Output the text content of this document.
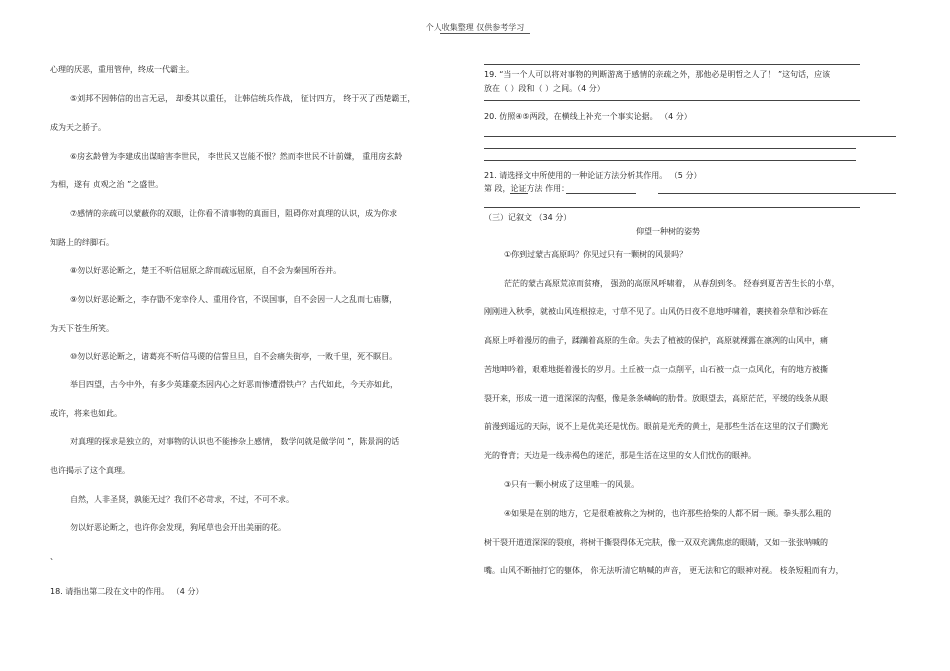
个人收集整理 仅供参考学习
心理的厌恶，重用管仲，终成一代霸主。
⑤刘邦不因韩信的出言无忌， 却委其以重任， 让韩信统兵作战， 征讨四方， 终于灭了西楚霸王，
成为天之骄子。
⑥房玄龄曾为李建成出谋暗害李世民， 李世民又岂能不恨？然而李世民不计前嫌， 重用房玄龄
为相，遂有 贞观之治 ”之盛世。
⑦感情的亲疏可以蒙蔽你的双眼，让你看不清事物的真面目，阻碍你对真理的认识，成为你求
知路上的绊脚石。
⑧勿以好恶论断之，楚王不听信屈原之辞而疏远屈原，自不会为秦国所吞并。
⑨勿以好恶论断之，李存勖不宠幸伶人、重用伶官，不误国事，自不会因一人之乱而七庙隳，
为天下苍生所笑。
⑩勿以好恶论断之，诸葛亮不听信马谡的信誓旦旦，自不会痛失街亭，一败千里，死不瞑目。
举目四望，古今中外，有多少英雄豪杰因内心之好恶而惨遭滑铁卢？古代如此，今天亦如此，
或许，将来也如此。
对真理的探求是独立的，对事物的认识也不能掺杂上感情， 数学问就是做学问 ”，陈景润的话
也许揭示了这个真理。
自然，人非圣贤，孰能无过？我们不必苛求，不过，不可不求。
勿以好恶论断之，也许你会发现，狗尾草也会开出美丽的花。
、
18. 请指出第二段在文中的作用。 （4 分）
19. “当一个人可以将对事物的判断游离于感情的亲疏之外，那他必是明哲之人了！ ”这句话，应该
放在（ ）段和（ ）之间。（4 分）
20. 仿照④⑤两段，在横线上补充一个事实论据。 （4 分）
21. 请选择文中所使用的一种论证方法分析其作用。 （5 分）
第 段，论证方法 作用：
（三）记叙文 （34 分）
仰望一种树的姿势
①你到过蒙古高原吗？你见过只有一颗树的风景吗？
茫茫的蒙古高原荒凉而贫瘠， 强劲的高原风呼啸着， 从春刮到冬。 经春到夏苦苦生长的小草，
刚刚进入秋季，就被山风连根掠走，寸草不见了。山风仍日夜不息地呼啸着，裹挟着杂草和沙砾在
高原上呼着漫厉的曲子，蹂躏着高原的生命。失去了植被的保护，高原就裸露在凛冽的山风中，痛
苦地呻吟着，艰难地挺着漫长的岁月。土丘被一点一点削平，山石被一点一点风化，有的地方被撕
裂开来，形成一道一道深深的沟壑，像是条条嶙峋的肋骨。放眼望去，高原茫茫，平缓的线条从眼
前漫到遥远的天际，说不上是优美还是忧伤。眼前是光秃的黄土，是那些生活在这里的汉子们黝光
光的脊背；天边是一线赤褐色的迷茫，那是生活在这里的女人们忧伤的眼神。
③只有一颗小树成了这里唯一的风景。
④如果是在别的地方，它是很难被称之为树的，也许那些拾柴的人都不屑一顾。拳头那么粗的
树干裂开道道深深的裂痕，将树干撕裂得体无完肤，像一双双充满焦虑的眼睛，又如一张张呐喊的
嘴。山风不断抽打它的躯体， 你无法听清它呐喊的声音， 更无法和它的眼神对视。 枝条短粗而有力，
